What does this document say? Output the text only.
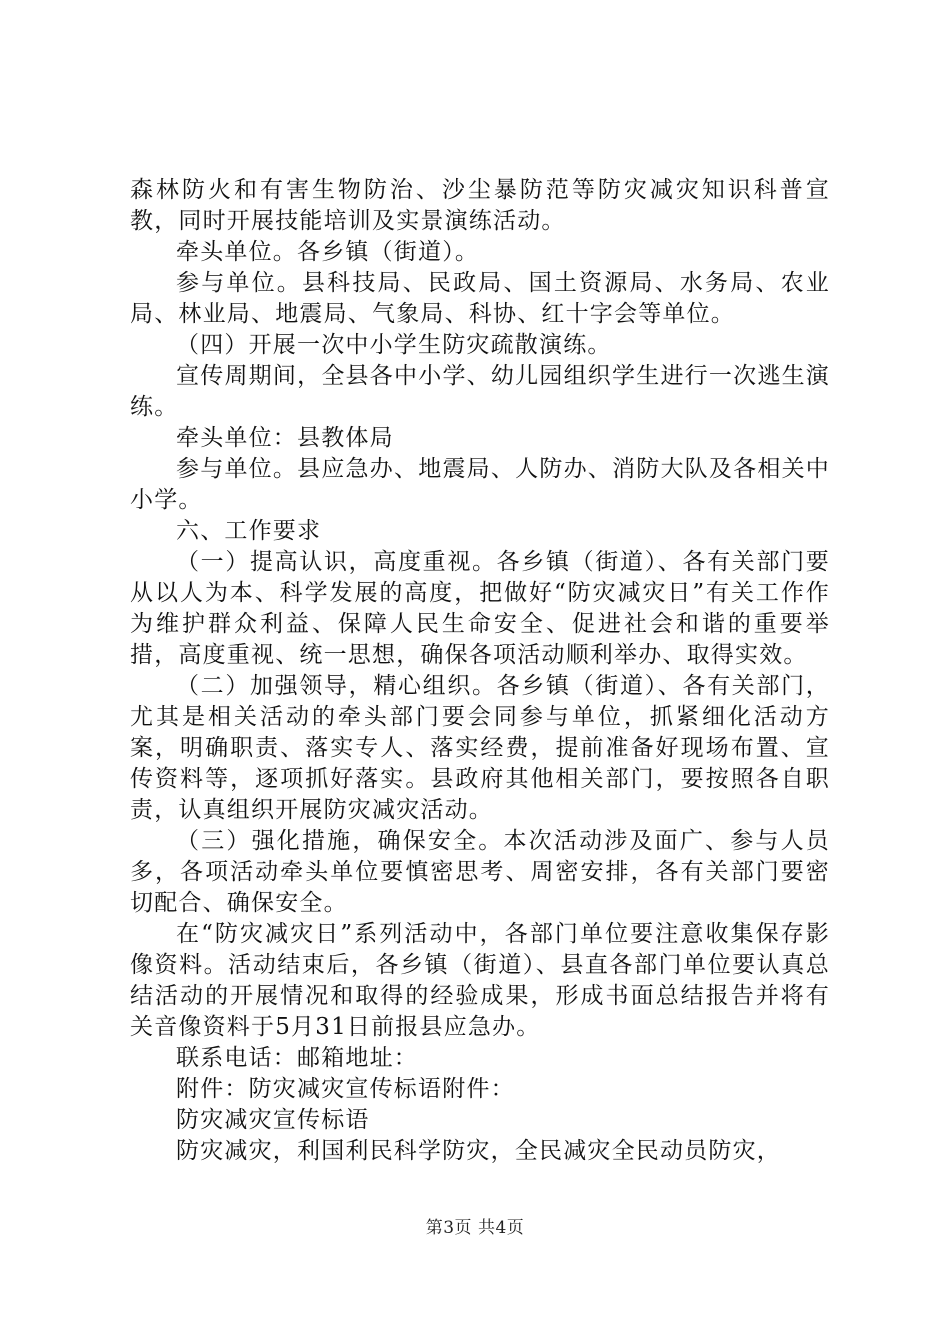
森林防火和有害生物防治、沙尘暴防范等防灾减灾知识科普宣教，同时开展技能培训及实景演练活动。

牵头单位。各乡镇（街道）。

参与单位。县科技局、民政局、国土资源局、水务局、农业局、林业局、地震局、气象局、科协、红十字会等单位。

（四）开展一次中小学生防灾疏散演练。

宣传周期间，全县各中小学、幼儿园组织学生进行一次逃生演练。

牵头单位：县教体局

参与单位。县应急办、地震局、人防办、消防大队及各相关中小学。

六、工作要求

（一）提高认识，高度重视。各乡镇（街道）、各有关部门要从以人为本、科学发展的高度，把做好“防灾减灾日”有关工作作为维护群众利益、保障人民生命安全、促进社会和谐的重要举措，高度重视、统一思想，确保各项活动顺利举办、取得实效。

（二）加强领导，精心组织。各乡镇（街道）、各有关部门，尤其是相关活动的牵头部门要会同参与单位，抓紧细化活动方案，明确职责、落实专人、落实经费，提前准备好现场布置、宣传资料等，逐项抓好落实。县政府其他相关部门，要按照各自职责，认真组织开展防灾减灾活动。

（三）强化措施，确保安全。本次活动涉及面广、参与人员多，各项活动牵头单位要慎密思考、周密安排，各有关部门要密切配合、确保安全。

在“防灾减灾日”系列活动中，各部门单位要注意收集保存影像资料。活动结束后，各乡镇（街道）、县直各部门单位要认真总结活动的开展情况和取得的经验成果，形成书面总结报告并将有关音像资料于5月31日前报县应急办。

联系电话：邮箱地址：

附件：防灾减灾宣传标语附件：

防灾减灾宣传标语

防灾减灾，利国利民科学防灾，全民减灾全民动员防灾，

第3页 共4页
